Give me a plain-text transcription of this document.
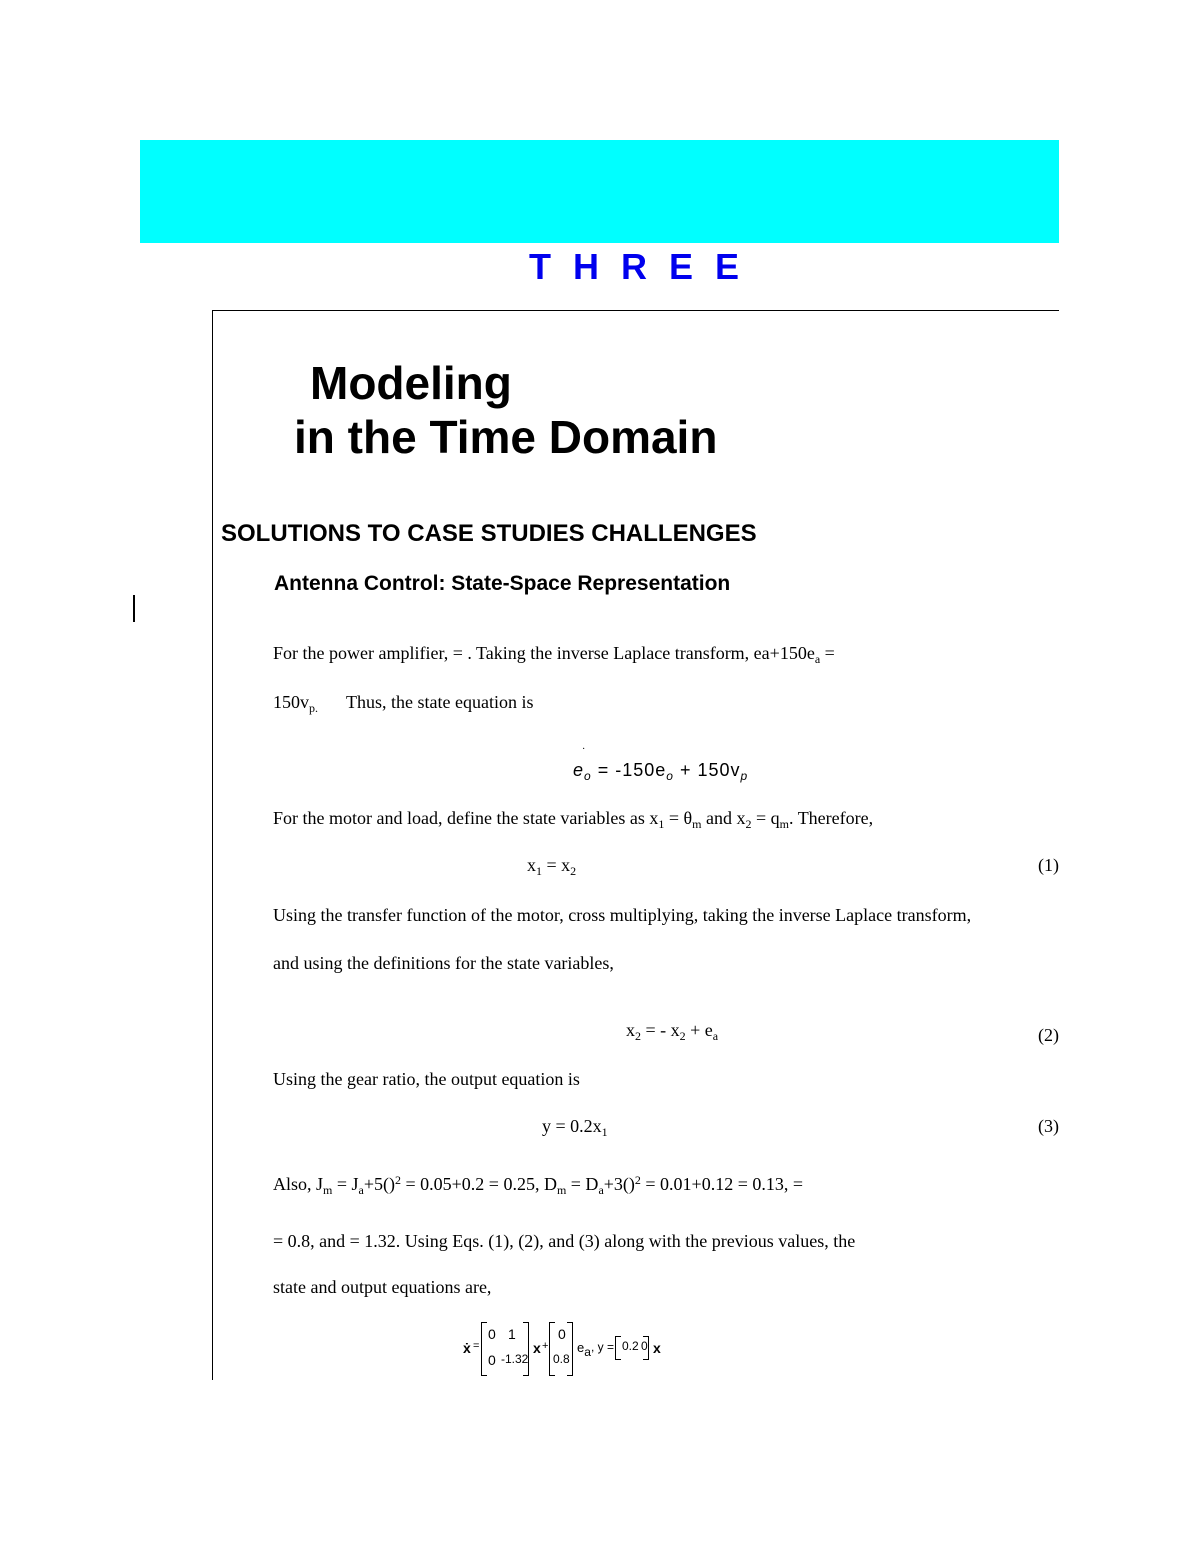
THREE
Modeling
in the Time Domain
SOLUTIONS TO CASE STUDIES CHALLENGES
Antenna Control: State-Space Representation
For the power amplifier, = . Taking the inverse Laplace transform, $ea+150e_a$ =
$150v_{p.}$ Thus, the state equation is
·
$e_o = -150e_o + 150v_p$
For the motor and load, define the state variables as $x_1 = \theta_m$ and $x_2 = q_m$. Therefore,
$x_1 = x_2$	(1)
Using the transfer function of the motor, cross multiplying, taking the inverse Laplace transform,
and using the definitions for the state variables,
$x_2$ = - $x_2 + e_a$	(2)
Using the gear ratio, the output equation is
$y = 0.2x_1$	(3)
Also, $J_m = J_a+5()^2 = 0.05+0.2 = 0.25$, $D_m = D_a+3()^2 = 0.01+0.12 = 0.13$, =
= 0.8, and = 1.32. Using Eqs. (1), (2), and (3) along with the previous values, the
state and output equations are,
ẋ =
0 1
0 -1.32
x +
0
0.8
$e_a$ , y = 0.2 0 x
